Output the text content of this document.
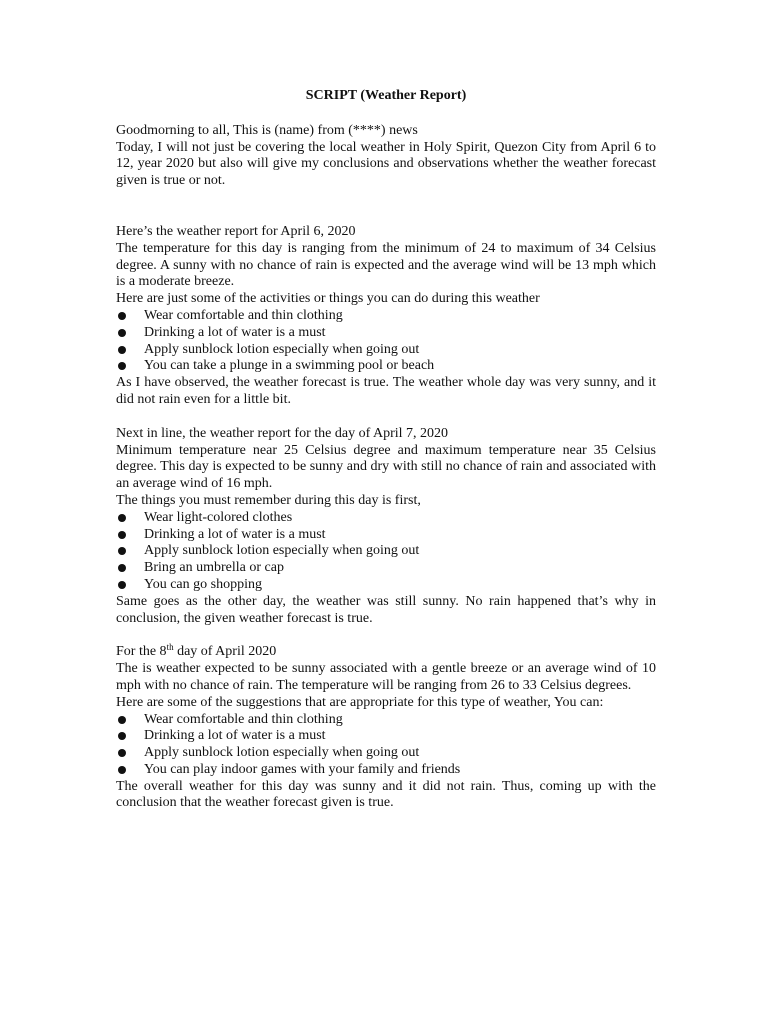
SCRIPT (Weather Report)

Goodmorning to all, This is (name) from (****) news

Today, I will not just be covering the local weather in Holy Spirit, Quezon City from April 6 to 12, year 2020 but also will give my conclusions and observations whether the weather forecast given is true or not.

Here’s the weather report for April 6, 2020

The temperature for this day is ranging from the minimum of 24 to maximum of 34 Celsius degree. A sunny with no chance of rain is expected and the average wind will be 13 mph which is a moderate breeze.

Here are just some of the activities or things you can do during this weather

Wear comfortable and thin clothing
Drinking a lot of water is a must
Apply sunblock lotion especially when going out
You can take a plunge in a swimming pool or beach

As I have observed, the weather forecast is true. The weather whole day was very sunny, and it did not rain even for a little bit.

Next in line, the weather report for the day of April 7, 2020

Minimum temperature near 25 Celsius degree and maximum temperature near 35 Celsius degree. This day is expected to be sunny and dry with still no chance of rain and associated with an average wind of 16 mph.

The things you must remember during this day is first,

Wear light-colored clothes
Drinking a lot of water is a must
Apply sunblock lotion especially when going out
Bring an umbrella or cap
You can go shopping

Same goes as the other day, the weather was still sunny. No rain happened that’s why in conclusion, the given weather forecast is true.

For the 8th day of April 2020

The is weather expected to be sunny associated with a gentle breeze or an average wind of 10 mph with no chance of rain. The temperature will be ranging from 26 to 33 Celsius degrees.

Here are some of the suggestions that are appropriate for this type of weather, You can:

Wear comfortable and thin clothing
Drinking a lot of water is a must
Apply sunblock lotion especially when going out
You can play indoor games with your family and friends

The overall weather for this day was sunny and it did not rain. Thus, coming up with the conclusion that the weather forecast given is true.
